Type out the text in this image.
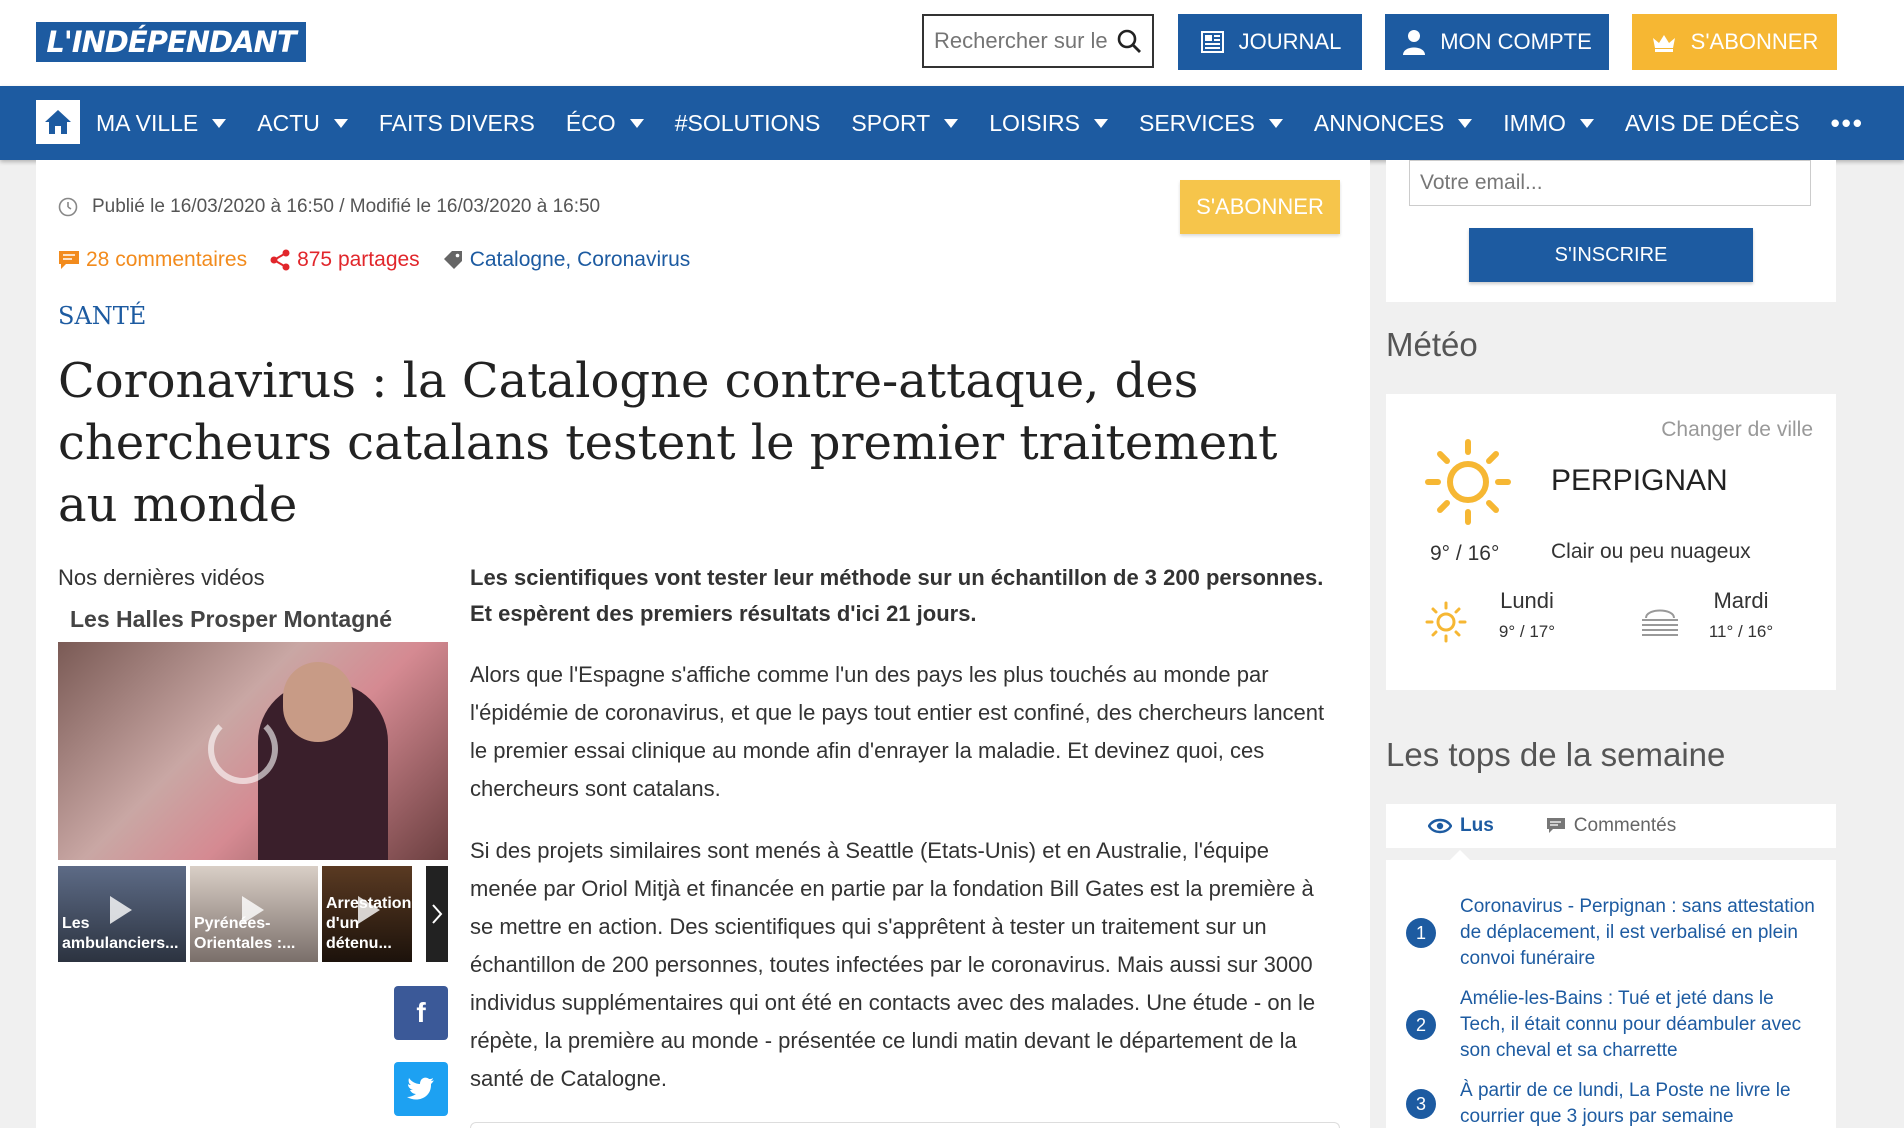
L'INDÉPENDANT
Rechercher sur le site	JOURNAL	MON COMPTE	S'ABONNER
MA VILLE	ACTU	FAITS DIVERS ÉCO	#SOLUTIONS SPORT	LOISIRS	SERVICES	ANNONCES	IMMO	AVIS DE DÉCÈS •••
Publié le 16/03/2020 à 16:50 / Modifié le 16/03/2020 à 16:50	S'ABONNER
28 commentaires 875 partages Catalogne, Coronavirus
SANTÉ
Coronavirus : la Catalogne contre-attaque, des chercheurs catalans testent le premier traitement au monde
Nos dernières vidéos
Les Halles Prosper Montagné
Les ambulanciers...
Pyrénées-Orientales :...
Arrestation d'un détenu...
f

Les scientifiques vont tester leur méthode sur un échantillon de 3 200 personnes. Et espèrent des premiers résultats d'ici 21 jours.

Alors que l'Espagne s'affiche comme l'un des pays les plus touchés au monde par l'épidémie de coronavirus, et que le pays tout entier est confiné, des chercheurs lancent le premier essai clinique au monde afin d'enrayer la maladie. Et devinez quoi, ces chercheurs sont catalans.

Si des projets similaires sont menés à Seattle (Etats-Unis) et en Australie, l'équipe menée par Oriol Mitjà et financée en partie par la fondation Bill Gates est la première à se mettre en action. Des scientifiques qui s'apprêtent à tester un traitement sur un échantillon de 200 personnes, toutes infectées par le coronavirus. Mais aussi sur 3000 individus supplémentaires qui ont été en contacts avec des malades. Une étude - on le répète, la première au monde - présentée ce lundi matin devant le département de la santé de Catalogne.

Votre email...
S'INSCRIRE
Météo
Changer de ville
9° / 16°
PERPIGNAN
Clair ou peu nuageux
Lundi
9° / 17°
Mardi
11° / 16°
Les tops de la semaine
Lus	Commentés
1
Coronavirus - Perpignan : sans attestation de déplacement, il est verbalisé en plein convoi funéraire
2
Amélie-les-Bains : Tué et jeté dans le Tech, il était connu pour déambuler avec son cheval et sa charrette
3
À partir de ce lundi, La Poste ne livre le courrier que 3 jours par semaine
